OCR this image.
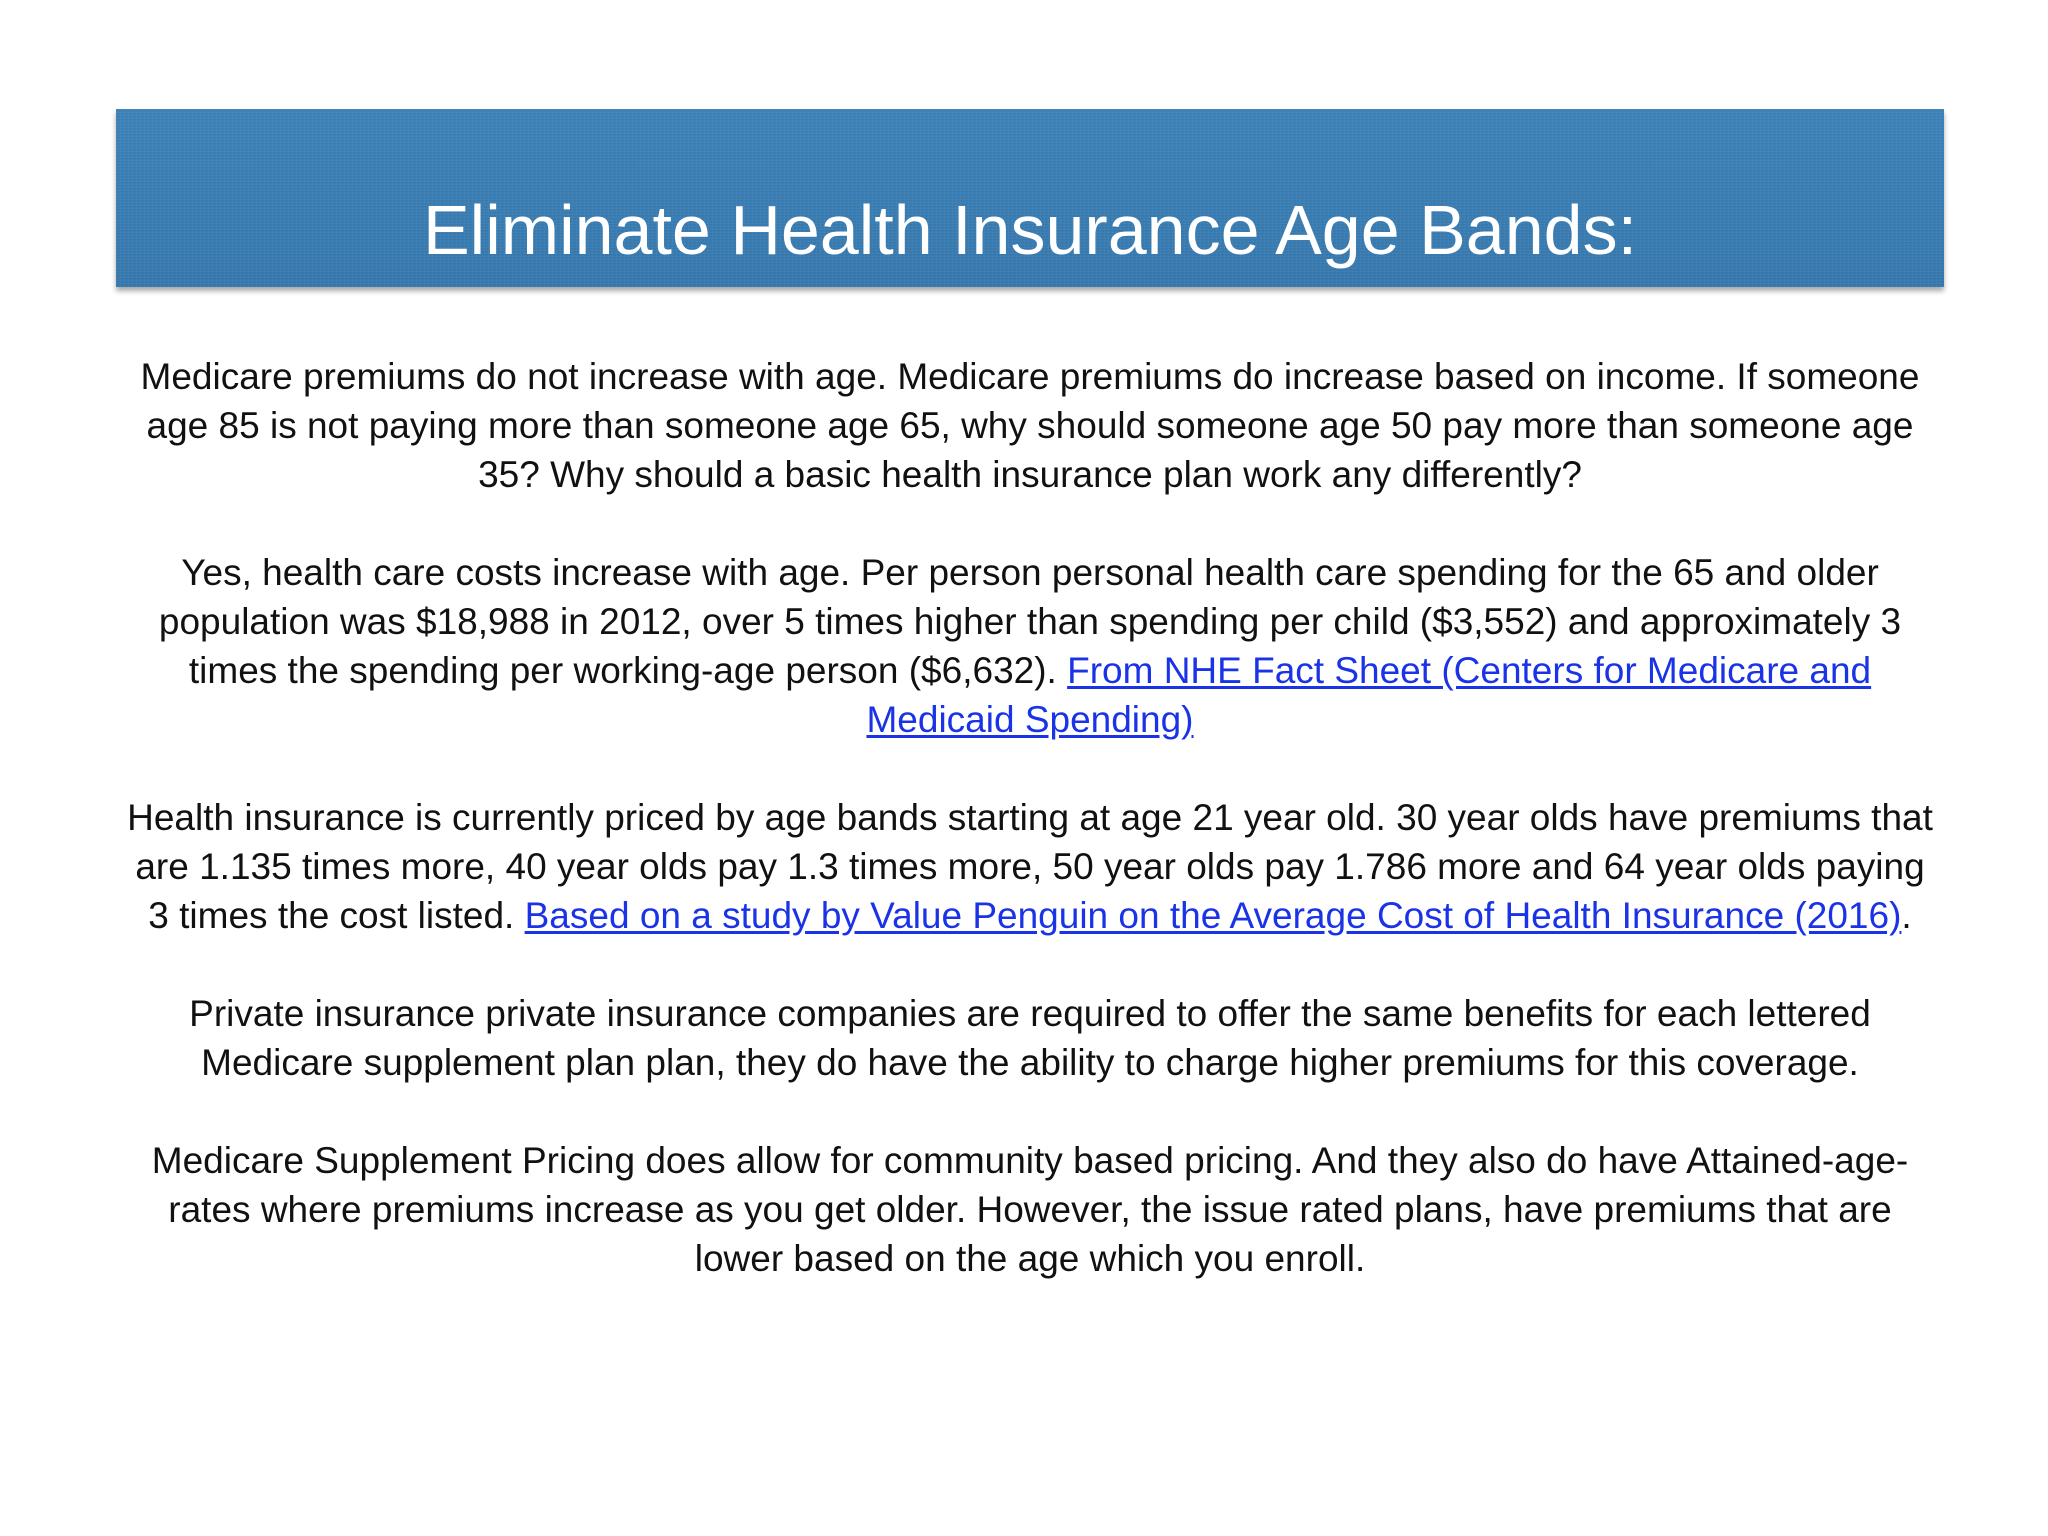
Eliminate Health Insurance Age Bands:

Medicare premiums do not increase with age. Medicare premiums do increase based on income. If someone age 85 is not paying more than someone age 65, why should someone age 50 pay more than someone age 35? Why should a basic health insurance plan work any differently?

Yes, health care costs increase with age. Per person personal health care spending for the 65 and older population was $18,988 in 2012, over 5 times higher than spending per child ($3,552) and approximately 3 times the spending per working-age person ($6,632). From NHE Fact Sheet (Centers for Medicare and Medicaid Spending)

Health insurance is currently priced by age bands starting at age 21 year old. 30 year olds have premiums that are 1.135 times more, 40 year olds pay 1.3 times more, 50 year olds pay 1.786 more and 64 year olds paying 3 times the cost listed. Based on a study by Value Penguin on the Average Cost of Health Insurance (2016).

Private insurance private insurance companies are required to offer the same benefits for each lettered Medicare supplement plan plan, they do have the ability to charge higher premiums for this coverage.

Medicare Supplement Pricing does allow for community based pricing. And they also do have Attained-age-rates where premiums increase as you get older. However, the issue rated plans, have premiums that are lower based on the age which you enroll.
